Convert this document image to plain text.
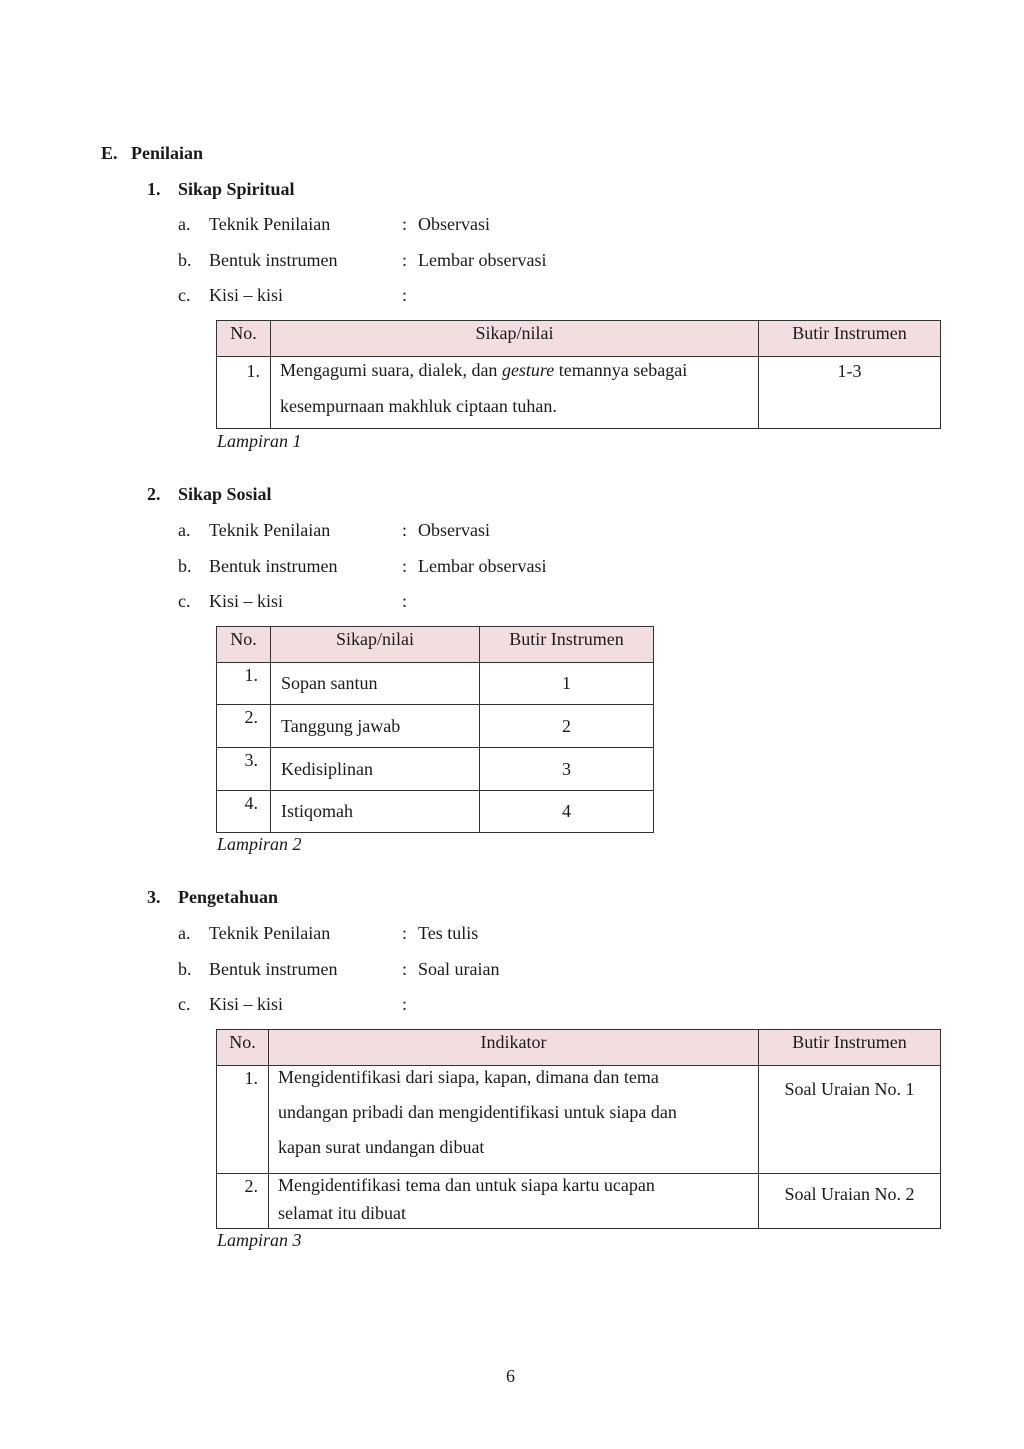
E. Penilaian
1. Sikap Spiritual
a. Teknik Penilaian	: Observasi
b. Bentuk instrumen	: Lembar observasi
c. Kisi – kisi	:
No.	Sikap/nilai	Butir Instrumen
1.	Mengagumi suara, dialek, dan gesture temannya sebagai
kesempurnaan makhluk ciptaan tuhan.	1-3
Lampiran 1
2. Sikap Sosial
a. Teknik Penilaian	: Observasi
b. Bentuk instrumen	: Lembar observasi
c. Kisi – kisi	:
No.	Sikap/nilai	Butir Instrumen
1.	Sopan santun	1
2.	Tanggung jawab	2
3.	Kedisiplinan	3
4.	Istiqomah	4
Lampiran 2
3. Pengetahuan
a. Teknik Penilaian	: Tes tulis
b. Bentuk instrumen	: Soal uraian
c. Kisi – kisi	:
No.	Indikator	Butir Instrumen
1.	Mengidentifikasi dari siapa, kapan, dimana dan tema
undangan pribadi dan mengidentifikasi untuk siapa dan
kapan surat undangan dibuat	Soal Uraian No. 1
2.	Mengidentifikasi tema dan untuk siapa kartu ucapan
selamat itu dibuat	Soal Uraian No. 2
Lampiran 3
6
